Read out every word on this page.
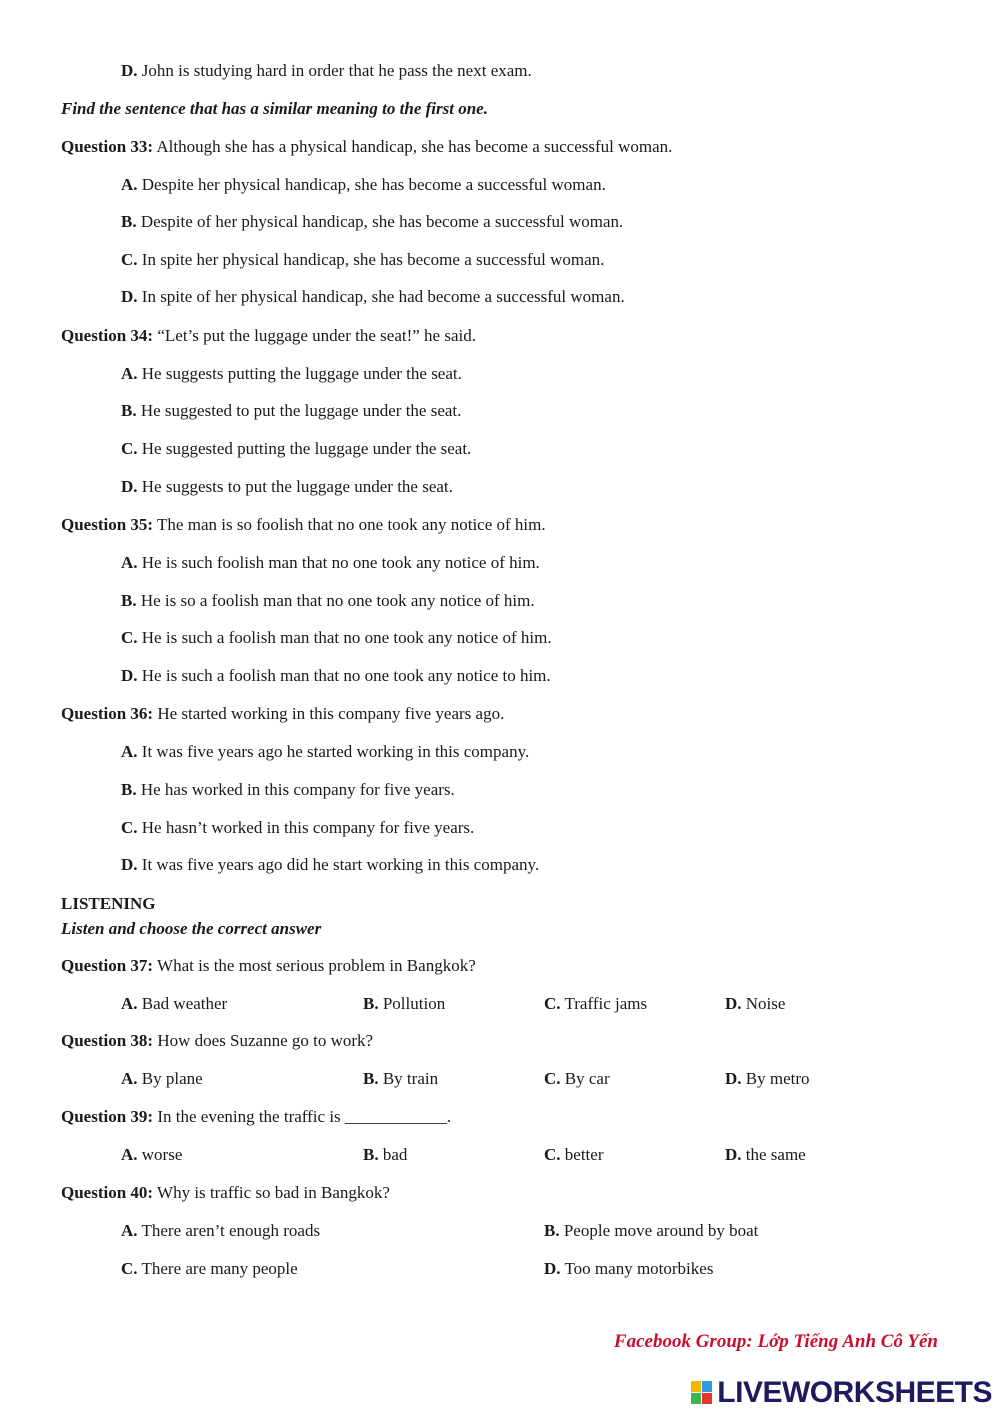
D. John is studying hard in order that he pass the next exam.
Find the sentence that has a similar meaning to the first one.
Question 33: Although she has a physical handicap, she has become a successful woman.
A. Despite her physical handicap, she has become a successful woman.
B. Despite of her physical handicap, she has become a successful woman.
C. In spite her physical handicap, she has become a successful woman.
D. In spite of her physical handicap, she had become a successful woman.
Question 34: “Let’s put the luggage under the seat!” he said.
A. He suggests putting the luggage under the seat.
B. He suggested to put the luggage under the seat.
C. He suggested putting the luggage under the seat.
D. He suggests to put the luggage under the seat.
Question 35: The man is so foolish that no one took any notice of him.
A. He is such foolish man that no one took any notice of him.
B. He is so a foolish man that no one took any notice of him.
C. He is such a foolish man that no one took any notice of him.
D. He is such a foolish man that no one took any notice to him.
Question 36: He started working in this company five years ago.
A. It was five years ago he started working in this company.
B. He has worked in this company for five years.
C. He hasn’t worked in this company for five years.
D. It was five years ago did he start working in this company.
LISTENING
Listen and choose the correct answer
Question 37: What is the most serious problem in Bangkok?
A. Bad weather	B. Pollution	C. Traffic jams	D. Noise
Question 38: How does Suzanne go to work?
A. By plane	B. By train	C. By car	D. By metro
Question 39: In the evening the traffic is ____________.
A. worse	B. bad	C. better	D. the same
Question 40: Why is traffic so bad in Bangkok?
A. There aren’t enough roads	B. People move around by boat
C. There are many people	D. Too many motorbikes
Facebook Group: Lớp Tiếng Anh Cô Yến
LIVEWORKSHEETS
